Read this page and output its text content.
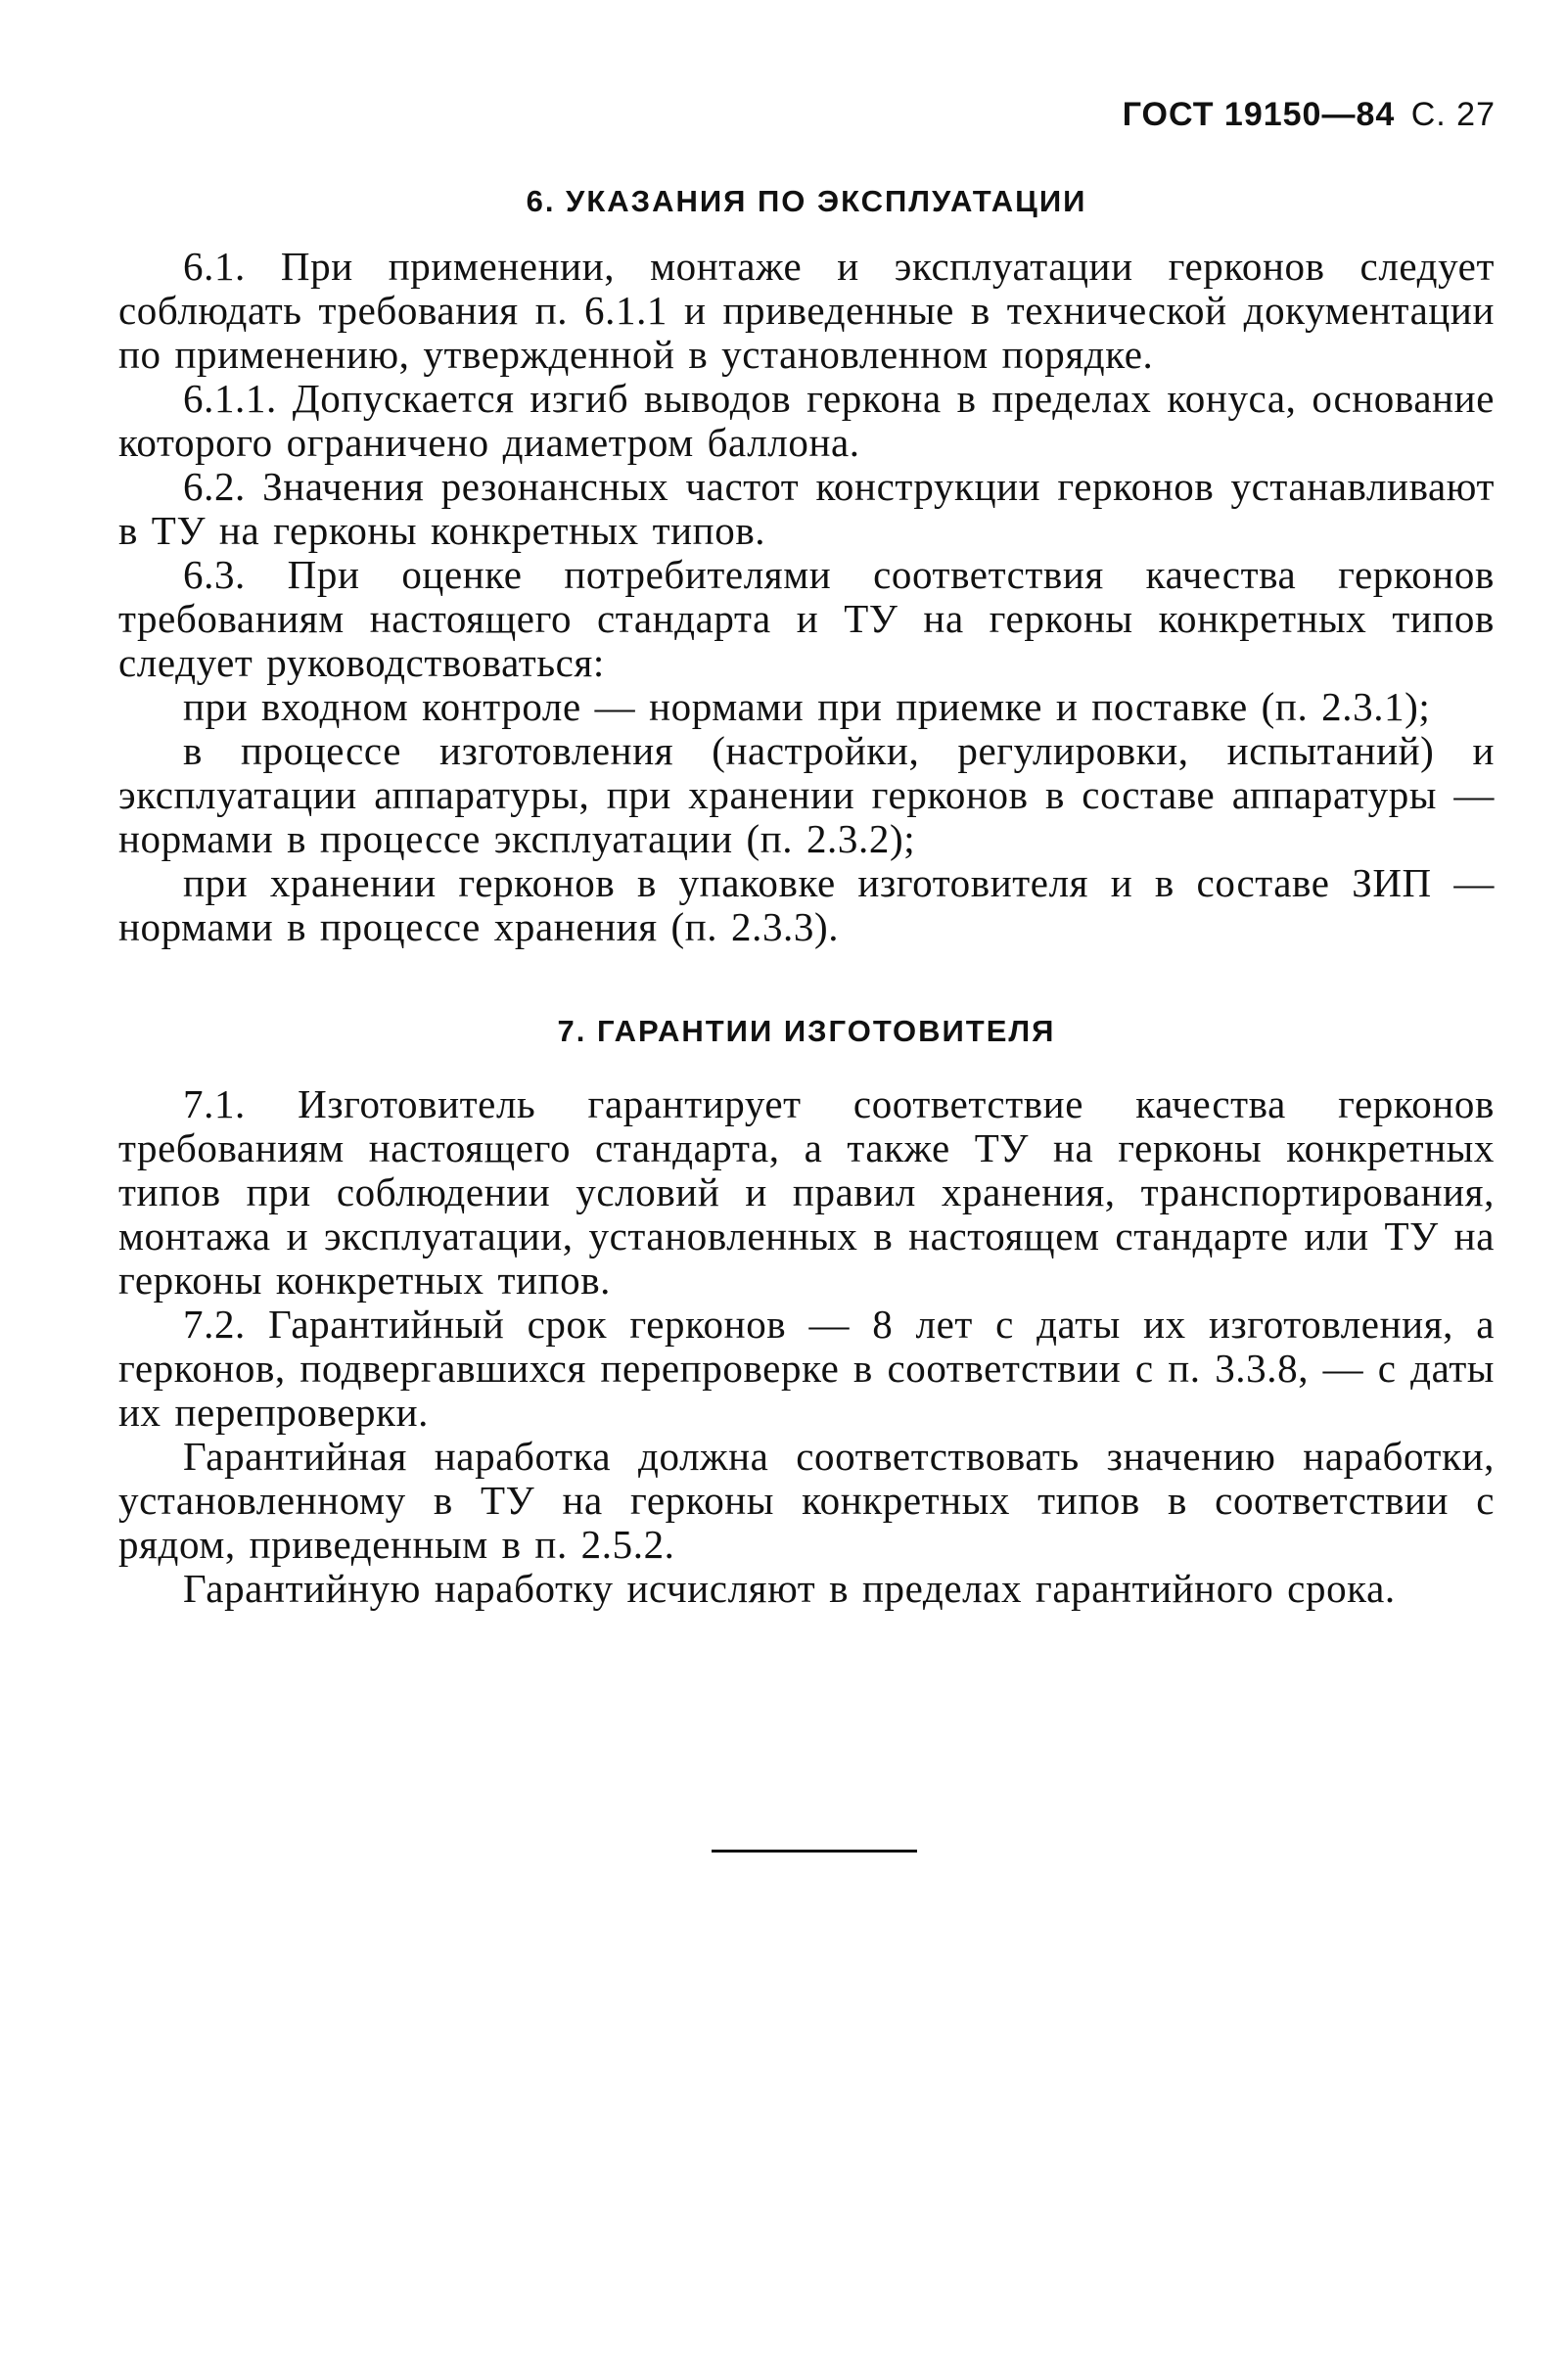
ГОСТ 19150—84 С. 27
6. УКАЗАНИЯ ПО ЭКСПЛУАТАЦИИ

6.1. При применении, монтаже и эксплуатации герконов следует соблюдать требования п. 6.1.1 и приведенные в технической документации по применению, утвержденной в установленном порядке.

6.1.1. Допускается изгиб выводов геркона в пределах конуса, основание которого ограничено диаметром баллона.

6.2. Значения резонансных частот конструкции герконов устанавливают в ТУ на герконы конкретных типов.

6.3. При оценке потребителями соответствия качества герконов требованиям настоящего стандарта и ТУ на герконы конкретных типов следует руководствоваться:

при входном контроле — нормами при приемке и поставке (п. 2.3.1);

в процессе изготовления (настройки, регулировки, испытаний) и эксплуатации аппаратуры, при хранении герконов в составе аппаратуры — нормами в процессе эксплуатации (п. 2.3.2);

при хранении герконов в упаковке изготовителя и в составе ЗИП — нормами в процессе хранения (п. 2.3.3).

7. ГАРАНТИИ ИЗГОТОВИТЕЛЯ

7.1. Изготовитель гарантирует соответствие качества герконов требованиям настоящего стандарта, а также ТУ на герконы конкретных типов при соблюдении условий и правил хранения, транспортирования, монтажа и эксплуатации, установленных в настоящем стандарте или ТУ на герконы конкретных типов.

7.2. Гарантийный срок герконов — 8 лет с даты их изготовления, а герконов, подвергавшихся перепроверке в соответствии с п. 3.3.8, — с даты их перепроверки.

Гарантийная наработка должна соответствовать значению наработки, установленному в ТУ на герконы конкретных типов в соответствии с рядом, приведенным в п. 2.5.2.

Гарантийную наработку исчисляют в пределах гарантийного срока.
